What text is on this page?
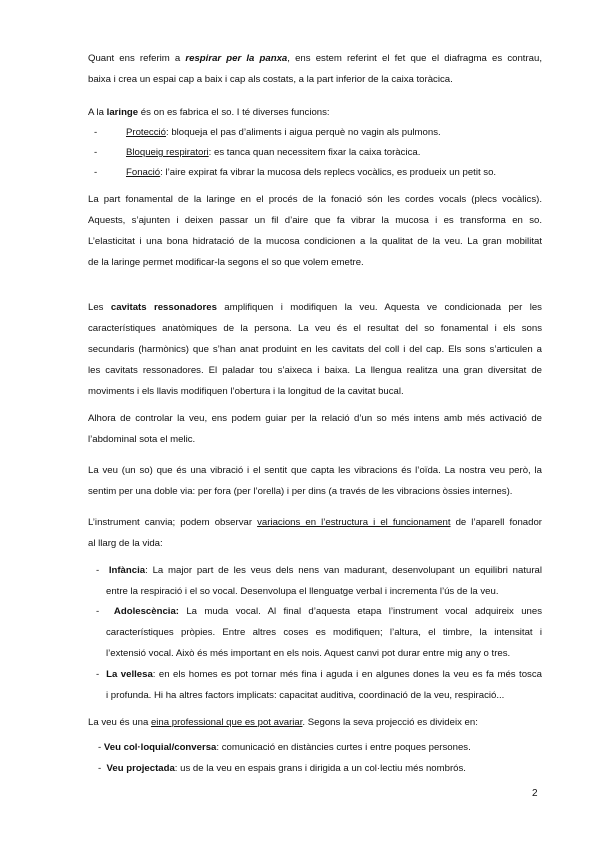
Quant ens referim a respirar per la panxa, ens estem referint el fet que el diafragma es contrau,
baixa i crea un espai cap a baix i cap als costats, a la part inferior de la caixa toràcica.
A la laringe és on es fabrica el so. I té diverses funcions:
-	Protecció: bloqueja el pas d’aliments i aigua perquè no vagin als pulmons.
-	Bloqueig respiratori: es tanca quan necessitem fixar la caixa toràcica.
-	Fonació: l’aire expirat fa vibrar la mucosa dels replecs vocàlics, es produeix un petit so.
La part fonamental de la laringe en el procés de la fonació són les cordes vocals (plecs vocàlics).
Aquests, s’ajunten i deixen passar un fil d’aire que fa vibrar la mucosa i es transforma en so.
L’elasticitat i una bona hidratació de la mucosa condicionen a la qualitat de la veu. La gran mobilitat
de la laringe permet modificar-la segons el so que volem emetre.
Les cavitats ressonadores amplifiquen i modifiquen la veu. Aquesta ve condicionada per les
característiques anatòmiques de la persona. La veu és el resultat del so fonamental i els sons
secundaris (harmònics) que s’han anat produint en les cavitats del coll i del cap. Els sons s’articulen a
les cavitats ressonadores. El paladar tou s’aixeca i baixa. La llengua realitza una gran diversitat de
moviments i els llavis modifiquen l’obertura i la longitud de la cavitat bucal.
Alhora de controlar la veu, ens podem guiar per la relació d’un so més intens amb més activació de
l’abdominal sota el melic.
La veu (un so) que és una vibració i el sentit que capta les vibracions és l’oïda. La nostra veu però, la
sentim per una doble via: per fora (per l’orella) i per dins (a través de les vibracions òssies internes).
L’instrument canvia; podem observar variacions en l’estructura i el funcionament de l’aparell fonador
al llarg de la vida:
- Infància: La major part de les veus dels nens van madurant, desenvolupant un equilibri natural
entre la respiració i el so vocal. Desenvolupa el llenguatge verbal i incrementa l’ús de la veu.
- Adolescència: La muda vocal. Al final d’aquesta etapa l’instrument vocal adquireix unes
característiques pròpies. Entre altres coses es modifiquen; l’altura, el timbre, la intensitat i
l’extensió vocal. Això és més important en els nois. Aquest canvi pot durar entre mig any o tres.
- La vellesa: en els homes es pot tornar més fina i aguda i en algunes dones la veu es fa més tosca
i profunda. Hi ha altres factors implicats: capacitat auditiva, coordinació de la veu, respiració...
La veu és una eina professional que es pot avariar. Segons la seva projecció es divideix en:
- Veu col·loquial/conversa: comunicació en distàncies curtes i entre poques persones.
- Veu projectada: us de la veu en espais grans i dirigida a un col·lectiu més nombrós.
2
